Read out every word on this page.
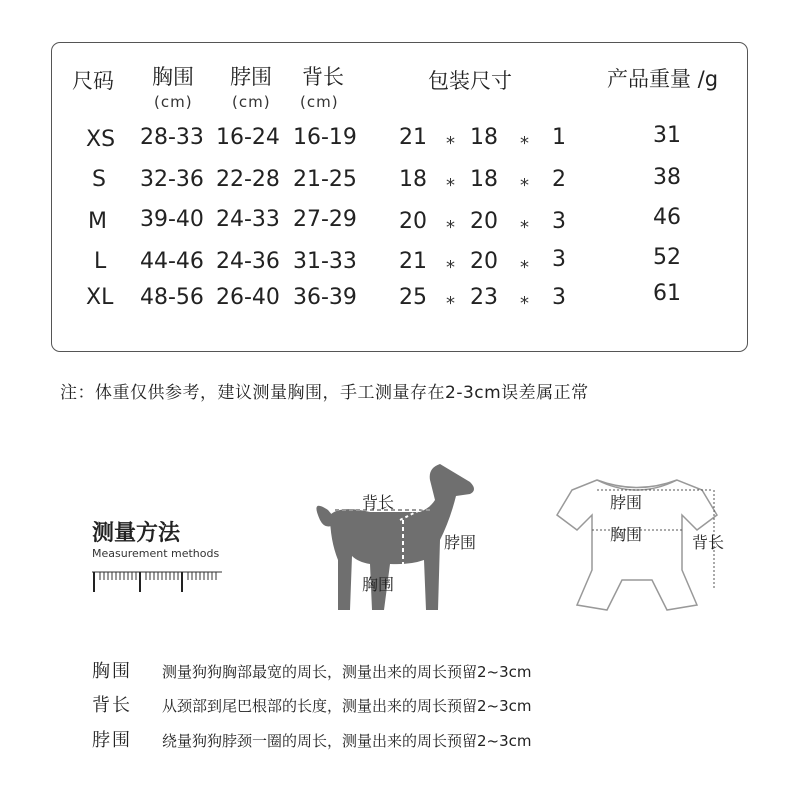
尺码 胸围 脖围 背长	包装尺寸	产品重量 /g
(cm)	(cm) (cm)
XS 28-33 16-24 16-19 21 * 18 * 1	31
S 32-36 22-28 21-25 18 * 18 * 2	38
M 39-40 24-33 27-29 20 * 20 * 3	46
L 44-46 24-36 31-33 21 * 20 * 3	52
XL 48-56 26-40 36-39 25 * 23 * 3	61
注：体重仅供参考，建议测量胸围，手工测量存在2-3cm误差属正常
测量方法
Measurement methods
背长
脖围
胸围
脖围
胸围	背长
胸围 测量狗狗胸部最宽的周长，测量出来的周长预留2~3cm
背长 从颈部到尾巴根部的长度，测量出来的周长预留2~3cm
脖围 绕量狗狗脖颈一圈的周长，测量出来的周长预留2~3cm
